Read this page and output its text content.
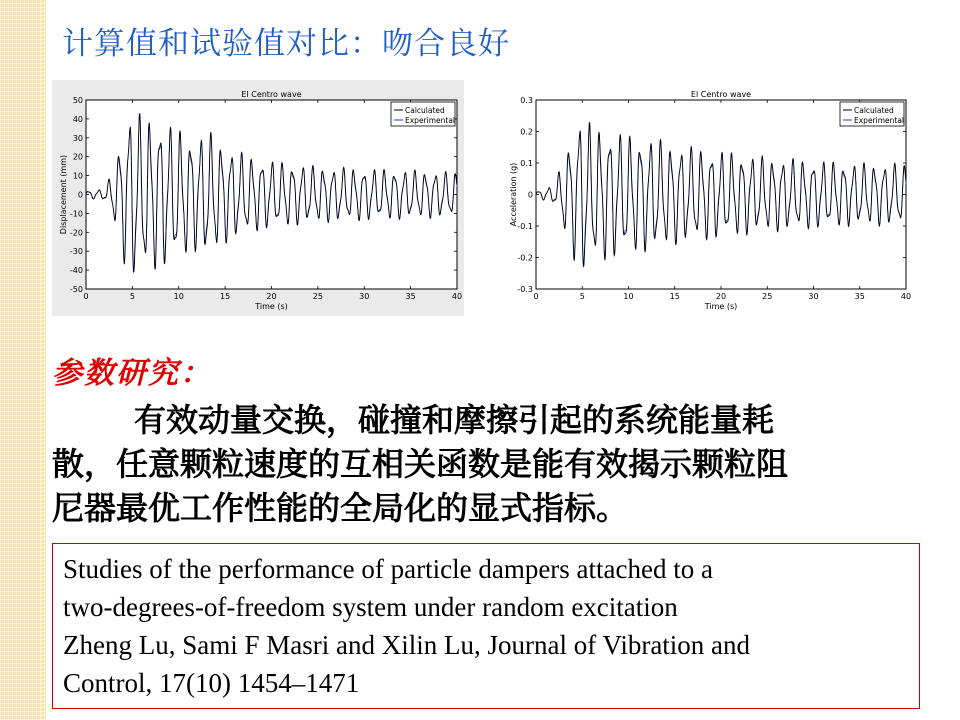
计算值和试验值对比：吻合良好
El Centro wave
0	5	10	15	20	25	30	35	40
50
40
30
20
10
0
-10
-20
-30
-40
-50
Time (s)
Displacement (mm)
Calculated
Experimental
El Centro wave
0	5	10	15	20	25	30	35	40
0.3
0.2
0.1
0
-0.1
-0.2
-0.3
Time (s)
Acceleration (g)
Calculated
Experimental
参数研究：
有效动量交换，碰撞和摩擦引起的系统能量耗
散，任意颗粒速度的互相关函数是能有效揭示颗粒阻
尼器最优工作性能的全局化的显式指标。
Studies of the performance of particle dampers attached to a
two-degrees-of-freedom system under random excitation
Zheng Lu, Sami F Masri and Xilin Lu, Journal of Vibration and
Control, 17(10) 1454–1471
